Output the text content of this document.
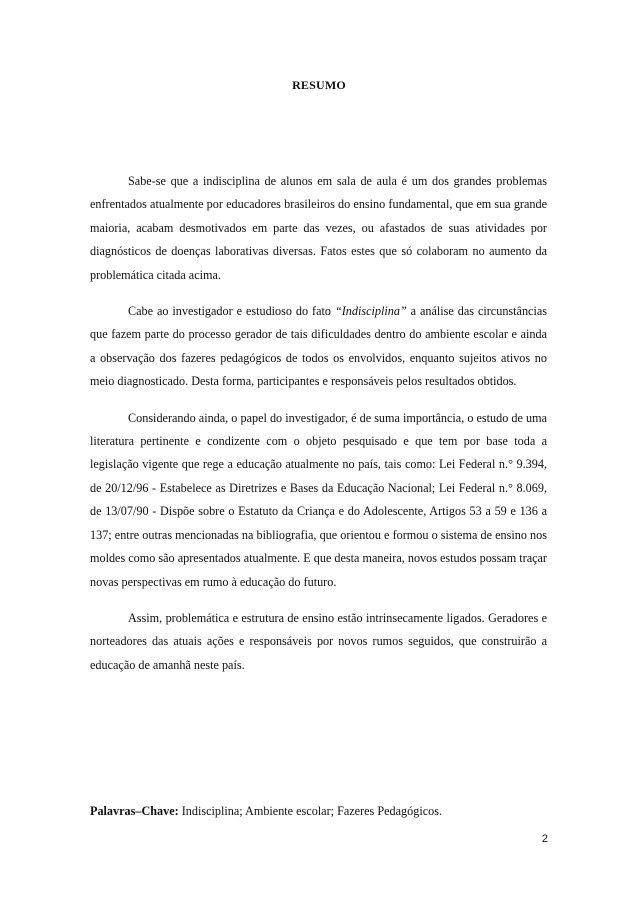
RESUMO

Sabe-se que a indisciplina de alunos em sala de aula é um dos grandes problemas enfrentados atualmente por educadores brasileiros do ensino fundamental, que em sua grande maioria, acabam desmotivados em parte das vezes, ou afastados de suas atividades por diagnósticos de doenças laborativas diversas. Fatos estes que só colaboram no aumento da problemática citada acima.

Cabe ao investigador e estudioso do fato “Indisciplina” a análise das circunstâncias que fazem parte do processo gerador de tais dificuldades dentro do ambiente escolar e ainda a observação dos fazeres pedagógicos de todos os envolvidos, enquanto sujeitos ativos no meio diagnosticado. Desta forma, participantes e responsáveis pelos resultados obtidos.

Considerando ainda, o papel do investigador, é de suma importância, o estudo de uma literatura pertinente e condizente com o objeto pesquisado e que tem por base toda a legislação vigente que rege a educação atualmente no país, tais como: Lei Federal n.° 9.394, de 20/12/96 - Estabelece as Diretrizes e Bases da Educação Nacional; Lei Federal n.° 8.069, de 13/07/90 - Dispõe sobre o Estatuto da Criança e do Adolescente, Artigos 53 a 59 e 136 a 137; entre outras mencionadas na bibliografia, que orientou e formou o sistema de ensino nos moldes como são apresentados atualmente. E que desta maneira, novos estudos possam traçar novas perspectivas em rumo à educação do futuro.

Assim, problemática e estrutura de ensino estão intrinsecamente ligados. Geradores e norteadores das atuais ações e responsáveis por novos rumos seguidos, que construirão a educação de amanhã neste país.

Palavras–Chave: Indisciplina; Ambiente escolar; Fazeres Pedagógicos.
2
